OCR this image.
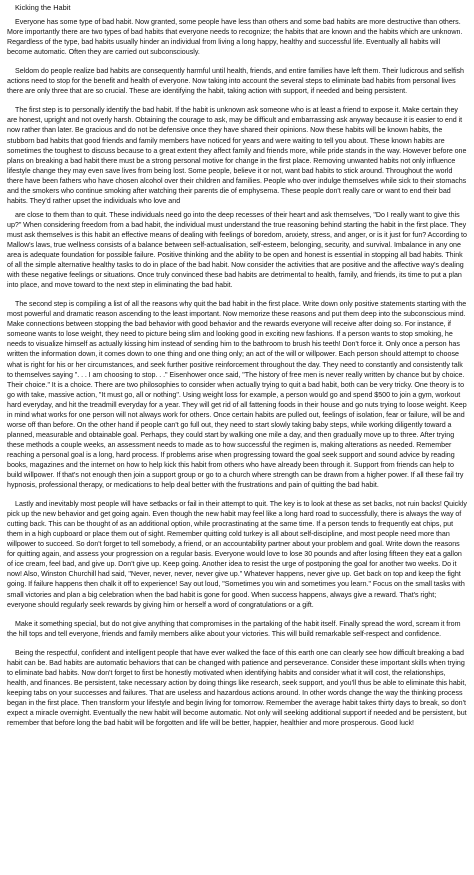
Kicking the Habit

Everyone has some type of bad habit. Now granted, some people have less than others and some bad habits are more destructive than others. More importantly there are two types of bad habits that everyone needs to recognize; the habits that are known and the habits which are unknown. Regardless of the type, bad habits usually hinder an individual from living a long happy, healthy and successful life. Eventually all habits will become automatic. Often they are carried out subconsciously.

Seldom do people realize bad habits are consequently harmful until health, friends, and entire families have left them. Their ludicrous and selfish actions need to stop for the benefit and health of everyone. Now taking into account the several steps to eliminate bad habits from personal lives there are only three that are so crucial. These are identifying the habit, taking action with support, if needed and being persistent.

The first step is to personally identify the bad habit. If the habit is unknown ask someone who is at least a friend to expose it. Make certain they are honest, upright and not overly harsh. Obtaining the courage to ask, may be difficult and embarrassing ask anyway because it is easier to end it now rather than later. Be gracious and do not be defensive once they have shared their opinions. Now these habits will be known habits, the stubborn bad habits that good friends and family members have noticed for years and were waiting to tell you about. These known habits are sometimes the toughest to discuss because to a great extent they affect family and friends more, while pride stands in the way. However before one plans on breaking a bad habit there must be a strong personal motive for change in the first place. Removing unwanted habits not only influence lifestyle change they may even save lives from being lost. Some people, believe it or not, want bad habits to stick around. Throughout the world there have been fathers who have chosen alcohol over their children and families. People who over indulge themselves while sick to their stomachs and the smokers who continue smoking after watching their parents die of emphysema. These people don't really care or want to end their bad habits. They'd rather upset the individuals who love and

are close to them than to quit. These individuals need go into the deep recesses of their heart and ask themselves, "Do I really want to give this up?" When considering freedom from a bad habit, the individual must understand the true reasoning behind starting the habit in the first place. They must ask themselves is this habit an effective means of dealing with feelings of boredom, anxiety, stress, and anger, or is it just for fun? According to Mallow's laws, true wellness consists of a balance between self-actualisation, self-esteem, belonging, security, and survival. Imbalance in any one area is adequate foundation for possible failure. Positive thinking and the ability to be open and honest is essential in stopping all bad habits. Think of all the simple alternative healthy tasks to do in place of the bad habit. Now consider the activities that are positive and the affective way's dealing with these negative feelings or situations. Once truly convinced these bad habits are detrimental to health, family, and friends, its time to put a plan into place, and move toward to the next step in eliminating the bad habit.

The second step is compiling a list of all the reasons why quit the bad habit in the first place. Write down only positive statements starting with the most powerful and dramatic reason ascending to the least important. Now memorize these reasons and put them deep into the subconscious mind. Make connections between stopping the bad behavior with good behavior and the rewards everyone will receive after doing so. For instance, if someone wants to lose weight, they need to picture being slim and looking good in exciting new fashions. If a person wants to stop smoking, he needs to visualize himself as actually kissing him instead of sending him to the bathroom to brush his teeth! Don't force it. Only once a person has written the information down, it comes down to one thing and one thing only; an act of the will or willpower. Each person should attempt to choose what is right for his or her circumstances, and seek further positive reinforcement throughout the day. They need to constantly and consistently talk to themselves saying ". . . I am choosing to stop. . ." Eisenhower once said, "The history of free men is never really written by chance but by choice. Their choice." It is a choice. There are two philosophies to consider when actually trying to quit a bad habit, both can be very tricky. One theory is to go with take, massive action, "It must go, all or nothing". Using weight loss for example, a person would go and spend $500 to join a gym, workout hard everyday, and hit the treadmill everyday for a year. They will get rid of all fattening foods in their house and go nuts trying to loose weight. Keep in mind what works for one person will not always work for others. Once certain habits are pulled out, feelings of isolation, fear or failure, will be and worse off than before. On the other hand if people can't go full out, they need to start slowly taking baby steps, while working diligently toward a planned, measurable and obtainable goal. Perhaps, they could start by walking one mile a day, and then gradually move up to three. After trying these methods a couple weeks, an assessment needs to made as to how successful the regimen is, making alterations as needed. Remember reaching a personal goal is a long, hard process. If problems arise when progressing toward the goal seek support and sound advice by reading books, magazines and the internet on how to help kick this habit from others who have already been through it. Support from friends can help to build willpower. If that's not enough then join a support group or go to a church where strength can be drawn from a higher power. If all these fail try hypnosis, professional therapy, or medications to help deal better with the frustrations and pain of quitting the bad habit.

Lastly and inevitably most people will have setbacks or fail in their attempt to quit. The key is to look at these as set backs, not ruin backs! Quickly pick up the new behavior and get going again. Even though the new habit may feel like a long hard road to successfully, there is always the way of cutting back. This can be thought of as an additional option, while procrastinating at the same time. If a person tends to frequently eat chips, put them in a high cupboard or place them out of sight. Remember quitting cold turkey is all about self-discipline, and most people need more than willpower to succeed. So don't forget to tell somebody, a friend, or an accountability partner about your problem and goal. Write down the reasons for quitting again, and assess your progression on a regular basis. Everyone would love to lose 30 pounds and after losing fifteen they eat a gallon of ice cream, feel bad, and give up. Don't give up. Keep going. Another idea to resist the urge of postponing the goal for another two weeks. Do it now! Also, Winston Churchill had said, "Never, never, never, never give up." Whatever happens, never give up. Get back on top and keep the fight going. If failure happens then chalk it off to experience! Say out loud, "Sometimes you win and sometimes you learn." Focus on the small tasks with small victories and plan a big celebration when the bad habit is gone for good. When success happens, always give a reward. That's right; everyone should regularly seek rewards by giving him or herself a word of congratulations or a gift.

Make it something special, but do not give anything that compromises in the partaking of the habit itself. Finally spread the word, scream it from the hill tops and tell everyone, friends and family members alike about your victories. This will build remarkable self-respect and confidence.

Being the respectful, confident and intelligent people that have ever walked the face of this earth one can clearly see how difficult breaking a bad habit can be. Bad habits are automatic behaviors that can be changed with patience and perseverance. Consider these important skills when trying to eliminate bad habits. Now don't forget to first be honestly motivated when identifying habits and consider what it will cost, the relationships, health, and finances. Be persistent, take necessary action by doing things like research, seek support, and you'll thus be able to eliminate this habit, keeping tabs on your successes and failures. That are useless and hazardous actions around. In other words change the way the thinking process began in the first place. Then transform your lifestyle and begin living for tomorrow. Remember the average habit takes thirty days to break, so don't expect a miracle overnight. Eventually the new habit will become automatic. Not only will seeking additional support if needed and be persistent, but remember that before long the bad habit will be forgotten and life will be better, happier, healthier and more prosperous. Good luck!
